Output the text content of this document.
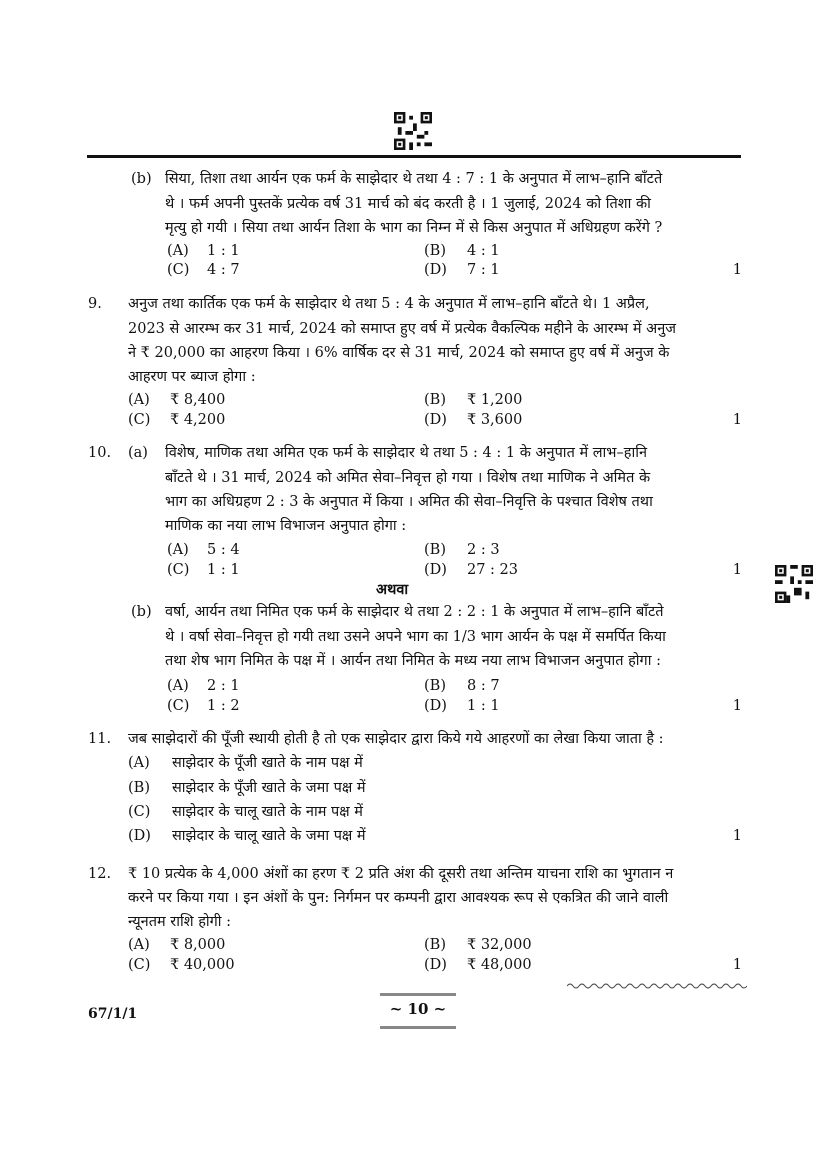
(b) सिया, तिशा तथा आर्यन एक फर्म के साझेदार थे तथा 4 : 7 : 1 के अनुपात में लाभ–हानि बाँटते
थे । फर्म अपनी पुस्तकें प्रत्येक वर्ष 31 मार्च को बंद करती है । 1 जुलाई, 2024 को तिशा की
मृत्यु हो गयी । सिया तथा आर्यन तिशा के भाग का निम्न में से किस अनुपात में अधिग्रहण करेंगे ?
(A) 1 : 1	(B) 4 : 1
(C) 4 : 7	(D) 7 : 1	1
9.	अनुज तथा कार्तिक एक फर्म के साझेदार थे तथा 5 : 4 के अनुपात में लाभ–हानि बाँटते थे। 1 अप्रैल,
2023 से आरम्भ कर 31 मार्च, 2024 को समाप्त हुए वर्ष में प्रत्येक वैकल्पिक महीने के आरम्भ में अनुज
ने ₹ 20,000 का आहरण किया । 6% वार्षिक दर से 31 मार्च, 2024 को समाप्त हुए वर्ष में अनुज के
आहरण पर ब्याज होगा :
(A) ₹ 8,400	(B) ₹ 1,200
(C) ₹ 4,200	(D) ₹ 3,600	1
10.	(a)	विशेष, माणिक तथा अमित एक फर्म के साझेदार थे तथा 5 : 4 : 1 के अनुपात में लाभ–हानि
बाँटते थे । 31 मार्च, 2024 को अमित सेवा–निवृत्त हो गया । विशेष तथा माणिक ने अमित के
भाग का अधिग्रहण 2 : 3 के अनुपात में किया । अमित की सेवा–निवृत्ति के पश्चात विशेष तथा
माणिक का नया लाभ विभाजन अनुपात होगा :
(A) 5 : 4	(B) 2 : 3
(C) 1 : 1	(D) 27 : 23	1
अथवा
(b) वर्षा, आर्यन तथा निमित एक फर्म के साझेदार थे तथा 2 : 2 : 1 के अनुपात में लाभ–हानि बाँटते
थे । वर्षा सेवा–निवृत्त हो गयी तथा उसने अपने भाग का 1/3 भाग आर्यन के पक्ष में समर्पित किया
तथा शेष भाग निमित के पक्ष में । आर्यन तथा निमित के मध्य नया लाभ विभाजन अनुपात होगा :
(A) 2 : 1	(B) 8 : 7
(C) 1 : 2	(D) 1 : 1	1
11.	जब साझेदारों की पूँजी स्थायी होती है तो एक साझेदार द्वारा किये गये आहरणों का लेखा किया जाता है :
(A) साझेदार के पूँजी खाते के नाम पक्ष में
(B) साझेदार के पूँजी खाते के जमा पक्ष में
(C) साझेदार के चालू खाते के नाम पक्ष में
(D) साझेदार के चालू खाते के जमा पक्ष में	1
12.	₹ 10 प्रत्येक के 4,000 अंशों का हरण ₹ 2 प्रति अंश की दूसरी तथा अन्तिम याचना राशि का भुगतान न
करने पर किया गया । इन अंशों के पुन: निर्गमन पर कम्पनी द्वारा आवश्यक रूप से एकत्रित की जाने वाली
न्यूनतम राशि होगी :
(A) ₹ 8,000	(B) ₹ 32,000
(C) ₹ 40,000	(D) ₹ 48,000	1
67/1/1	~ 10 ~
